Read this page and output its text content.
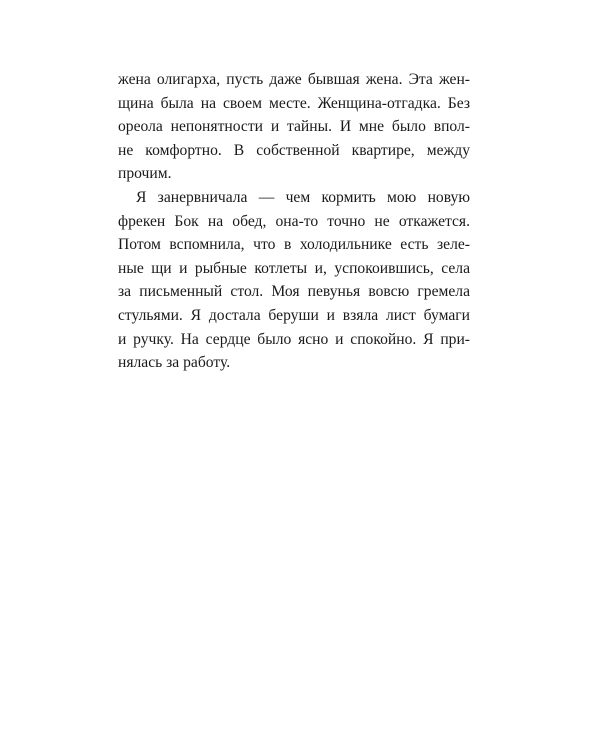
жена олигарха, пусть даже бывшая жена. Эта жен-
щина была на своем месте. Женщина-отгадка. Без
ореола непонятности и тайны. И мне было впол-
не комфортно. В собственной квартире, между
прочим.
Я занервничала — чем кормить мою новую
фрекен Бок на обед, она-то точно не откажется.
Потом вспомнила, что в холодильнике есть зеле-
ные щи и рыбные котлеты и, успокоившись, села
за письменный стол. Моя певунья вовсю гремела
стульями. Я достала беруши и взяла лист бумаги
и ручку. На сердце было ясно и спокойно. Я при-
нялась за работу.
